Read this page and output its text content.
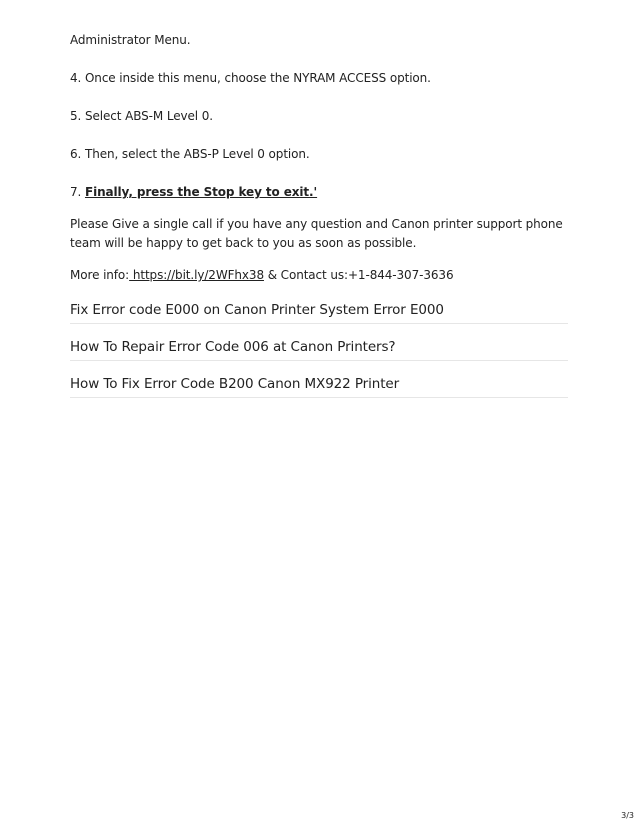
Administrator Menu.

4. Once inside this menu, choose the NYRAM ACCESS option.

5. Select ABS-M Level 0.

6. Then, select the ABS-P Level 0 option.

7. Finally, press the Stop key to exit.'

Please Give a single call if you have any question and Canon printer support phone team will be happy to get back to you as soon as possible.

More info: https://bit.ly/2WFhx38 & Contact us:+1-844-307-3636

Fix Error code E000 on Canon Printer System Error E000
How To Repair Error Code 006 at Canon Printers?
How To Fix Error Code B200 Canon MX922 Printer
3/3
